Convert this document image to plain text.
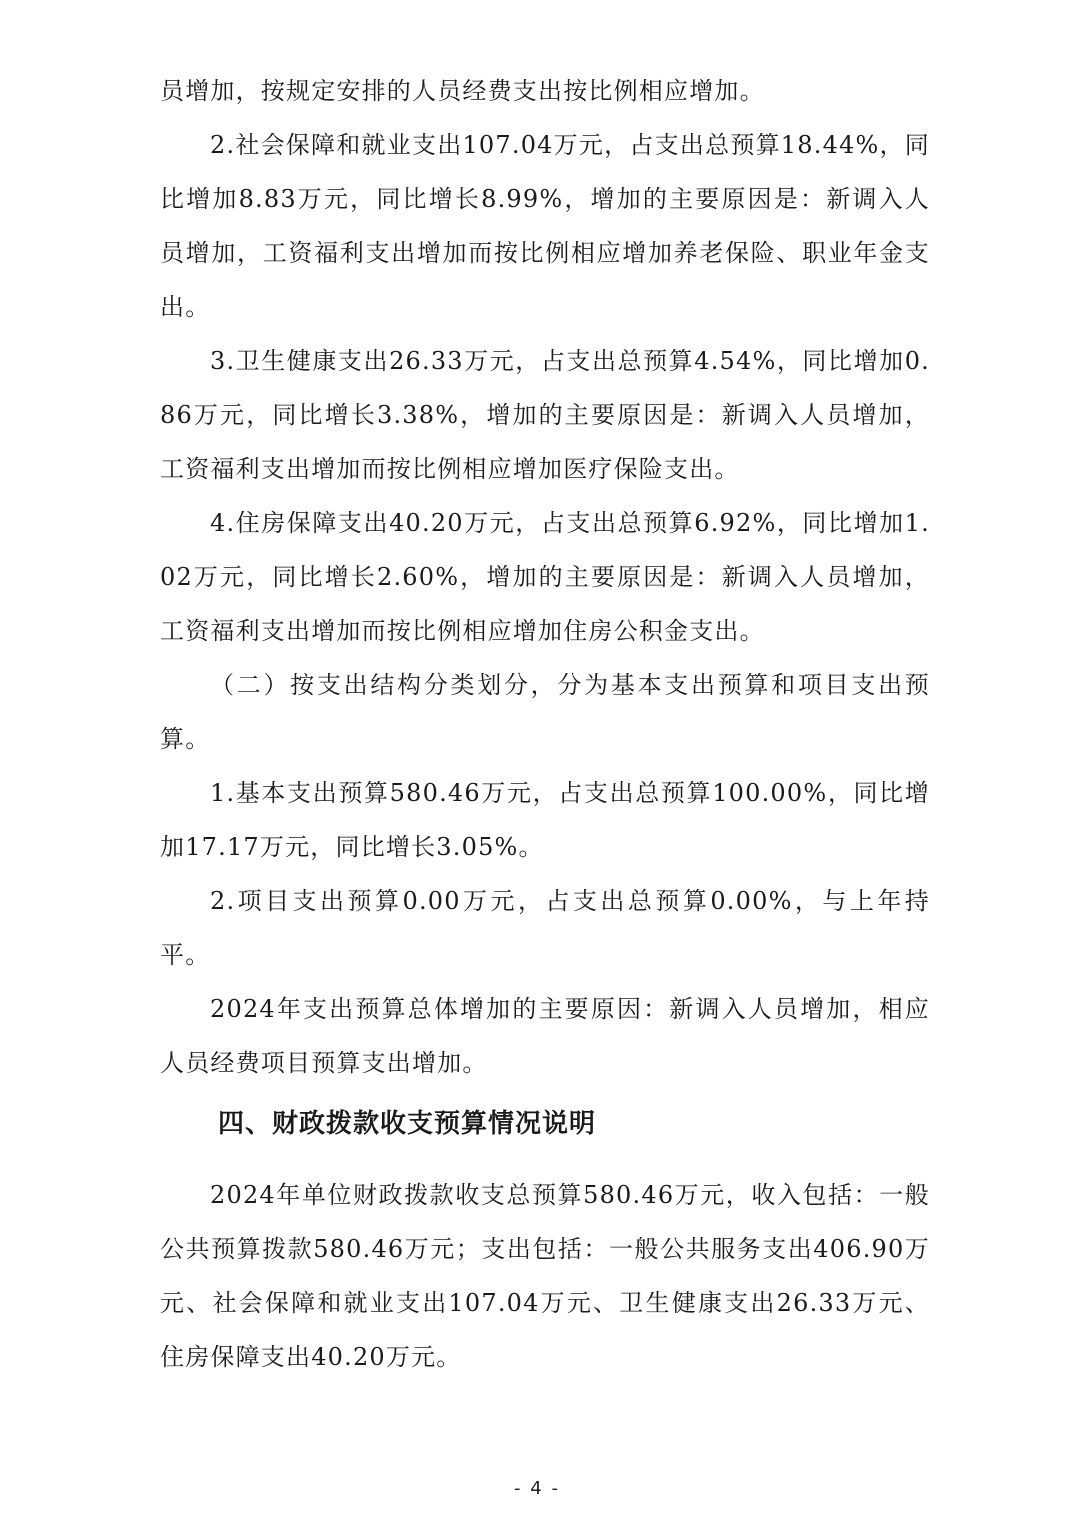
员增加，按规定安排的人员经费支出按比例相应增加。

2.社会保障和就业支出107.04万元，占支出总预算18.44%，同比增加8.83万元，同比增长8.99%，增加的主要原因是：新调入人员增加，工资福利支出增加而按比例相应增加养老保险、职业年金支出。

3.卫生健康支出26.33万元，占支出总预算4.54%，同比增加0.86万元，同比增长3.38%，增加的主要原因是：新调入人员增加，工资福利支出增加而按比例相应增加医疗保险支出。

4.住房保障支出40.20万元，占支出总预算6.92%，同比增加1.02万元，同比增长2.60%，增加的主要原因是：新调入人员增加，工资福利支出增加而按比例相应增加住房公积金支出。

（二）按支出结构分类划分，分为基本支出预算和项目支出预算。

1.基本支出预算580.46万元，占支出总预算100.00%，同比增加17.17万元，同比增长3.05%。

2.项目支出预算0.00万元，占支出总预算0.00%，与上年持平。

2024年支出预算总体增加的主要原因：新调入人员增加，相应人员经费项目预算支出增加。

四、财政拨款收支预算情况说明

2024年单位财政拨款收支总预算580.46万元，收入包括：一般公共预算拨款580.46万元；支出包括：一般公共服务支出406.90万元、社会保障和就业支出107.04万元、卫生健康支出26.33万元、住房保障支出40.20万元。

- 4 -
